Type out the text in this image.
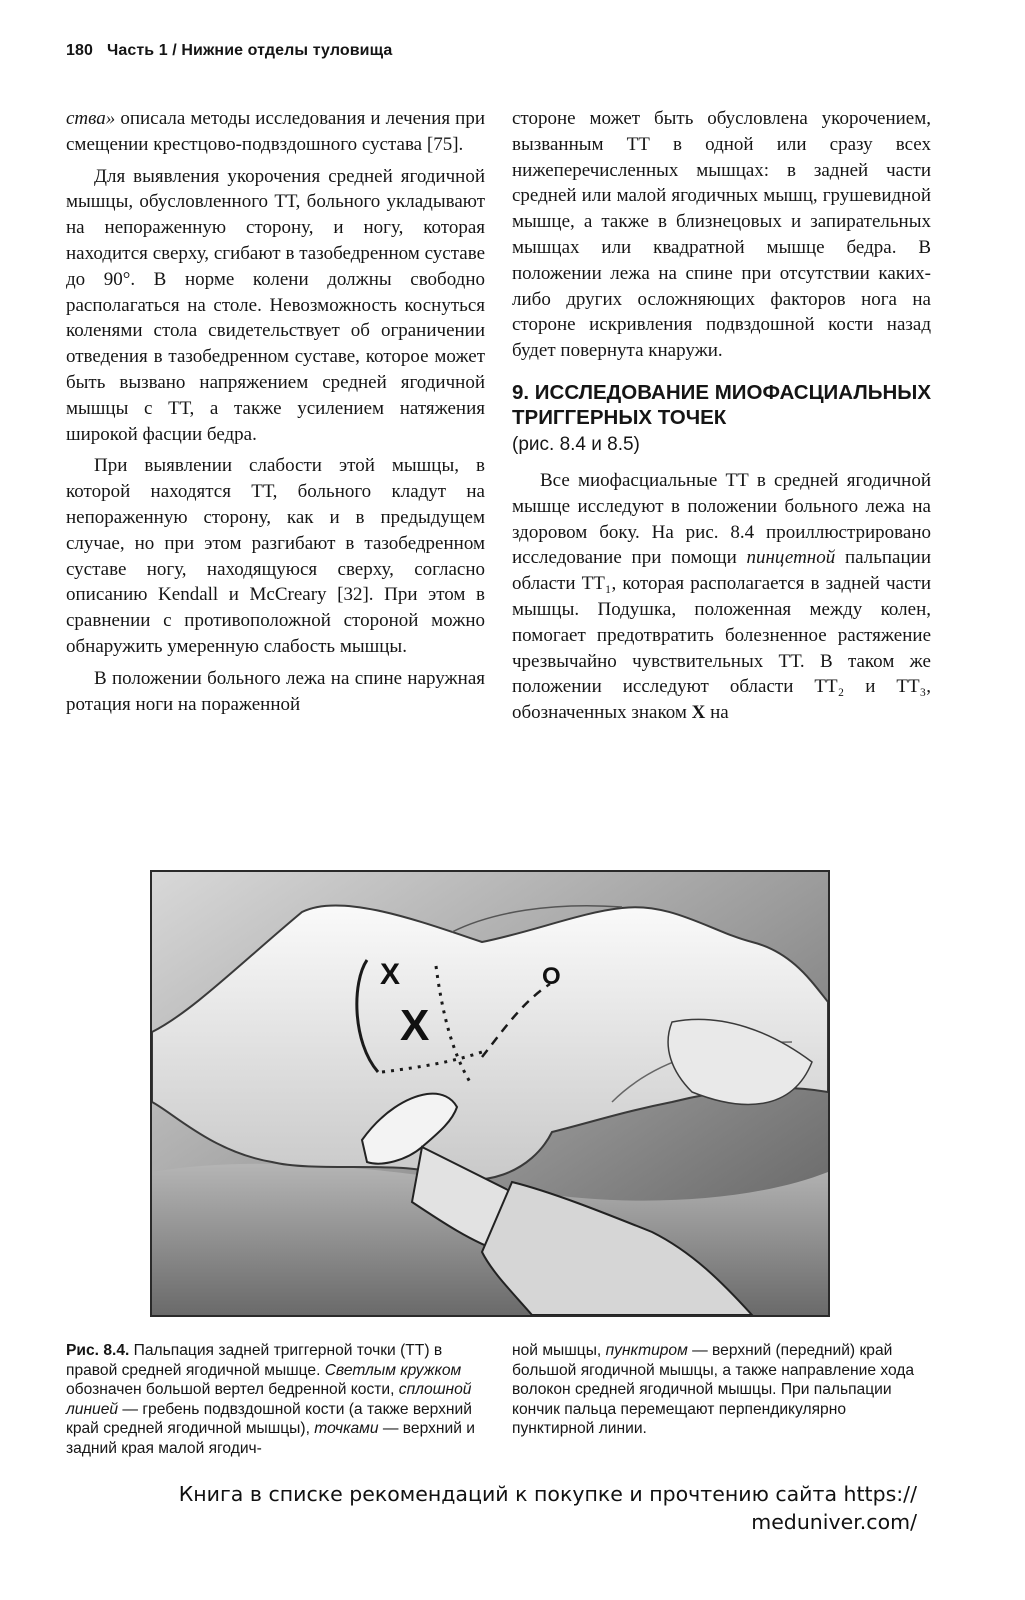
180 Часть 1 / Нижние отделы туловища

ства» описала методы исследования и лечения при смещении крестцово-подвздошного сустава [75].

Для выявления укорочения средней ягодичной мышцы, обусловленного ТТ, больного укладывают на непораженную сторону, и ногу, которая находится сверху, сгибают в тазобедренном суставе до 90°. В норме колени должны свободно располагаться на столе. Невозможность коснуться коленями стола свидетельствует об ограничении отведения в тазобедренном суставе, которое может быть вызвано напряжением средней ягодичной мышцы с ТТ, а также усилением натяжения широкой фасции бедра.

При выявлении слабости этой мышцы, в которой находятся ТТ, больного кладут на непораженную сторону, как и в предыдущем случае, но при этом разгибают в тазобедренном суставе ногу, находящуюся сверху, согласно описанию Kendall и McCreary [32]. При этом в сравнении с противоположной стороной можно обнаружить умеренную слабость мышцы.

В положении больного лежа на спине наружная ротация ноги на пораженной

стороне может быть обусловлена укорочением, вызванным ТТ в одной или сразу всех нижеперечисленных мышцах: в задней части средней или малой ягодичных мышц, грушевидной мышце, а также в близнецовых и запирательных мышцах или квадратной мышце бедра. В положении лежа на спине при отсутствии каких-либо других осложняющих факторов нога на стороне искривления подвздошной кости назад будет повернута кнаружи.

9. ИССЛЕДОВАНИЕ МИОФАСЦИАЛЬНЫХ ТРИГГЕРНЫХ ТОЧЕК
(рис. 8.4 и 8.5)

Все миофасциальные ТТ в средней ягодичной мышце исследуют в положении больного лежа на здоровом боку. На рис. 8.4 проиллюстрировано исследование при помощи пинцетной пальпации области ТТ₁, которая располагается в задней части мышцы. Подушка, положенная между колен, помогает предотвратить болезненное растяжение чрезвычайно чувствительных ТТ. В таком же положении исследуют области ТТ₂ и ТТ₃, обозначенных знаком X на

X
X
O

Рис. 8.4. Пальпация задней триггерной точки (ТТ) в правой средней ягодичной мышце. Светлым кружком обозначен большой вертел бедренной кости, сплошной линией — гребень подвздошной кости (а также верхний край средней ягодичной мышцы), точками — верхний и задний края малой ягодич-

ной мышцы, пунктиром — верхний (передний) край большой ягодичной мышцы, а также направление хода волокон средней ягодичной мышцы. При пальпации кончик пальца перемещают перпендикулярно пунктирной линии.

Книга в списке рекомендаций к покупке и прочтению сайта https:// meduniver.com/
